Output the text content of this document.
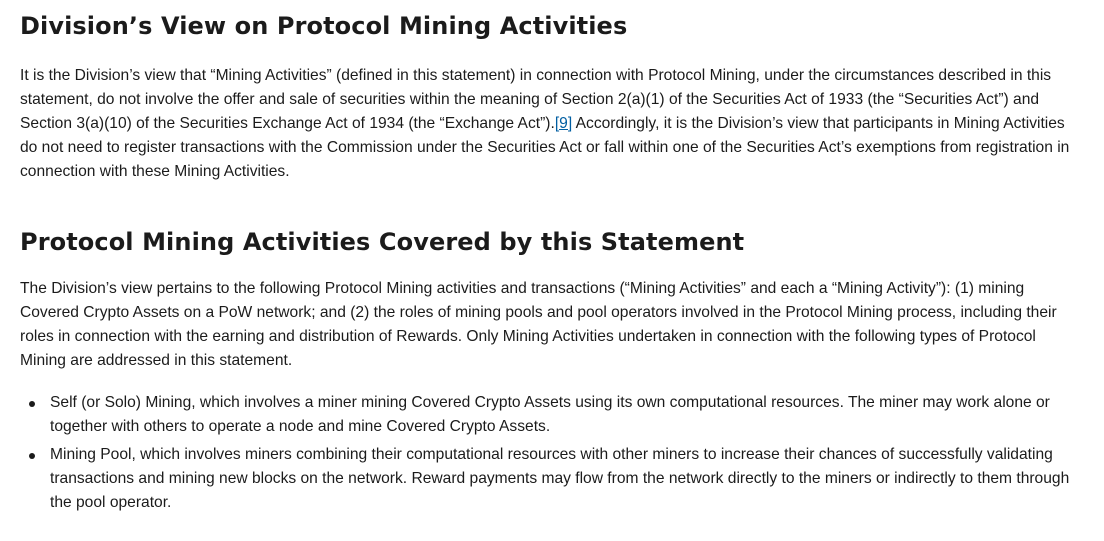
Division’s View on Protocol Mining Activities

It is the Division’s view that “Mining Activities” (defined in this statement) in connection with Protocol Mining, under the circumstances described in this statement, do not involve the offer and sale of securities within the meaning of Section 2(a)(1) of the Securities Act of 1933 (the “Securities Act”) and Section 3(a)(10) of the Securities Exchange Act of 1934 (the “Exchange Act”).[9] Accordingly, it is the Division’s view that participants in Mining Activities do not need to register transactions with the Commission under the Securities Act or fall within one of the Securities Act’s exemptions from registration in connection with these Mining Activities.

Protocol Mining Activities Covered by this Statement

The Division’s view pertains to the following Protocol Mining activities and transactions (“Mining Activities” and each a “Mining Activity”): (1) mining Covered Crypto Assets on a PoW network; and (2) the roles of mining pools and pool operators involved in the Protocol Mining process, including their roles in connection with the earning and distribution of Rewards. Only Mining Activities undertaken in connection with the following types of Protocol Mining are addressed in this statement.

Self (or Solo) Mining, which involves a miner mining Covered Crypto Assets using its own computational resources. The miner may work alone or together with others to operate a node and mine Covered Crypto Assets.
Mining Pool, which involves miners combining their computational resources with other miners to increase their chances of successfully validating transactions and mining new blocks on the network. Reward payments may flow from the network directly to the miners or indirectly to them through the pool operator.
